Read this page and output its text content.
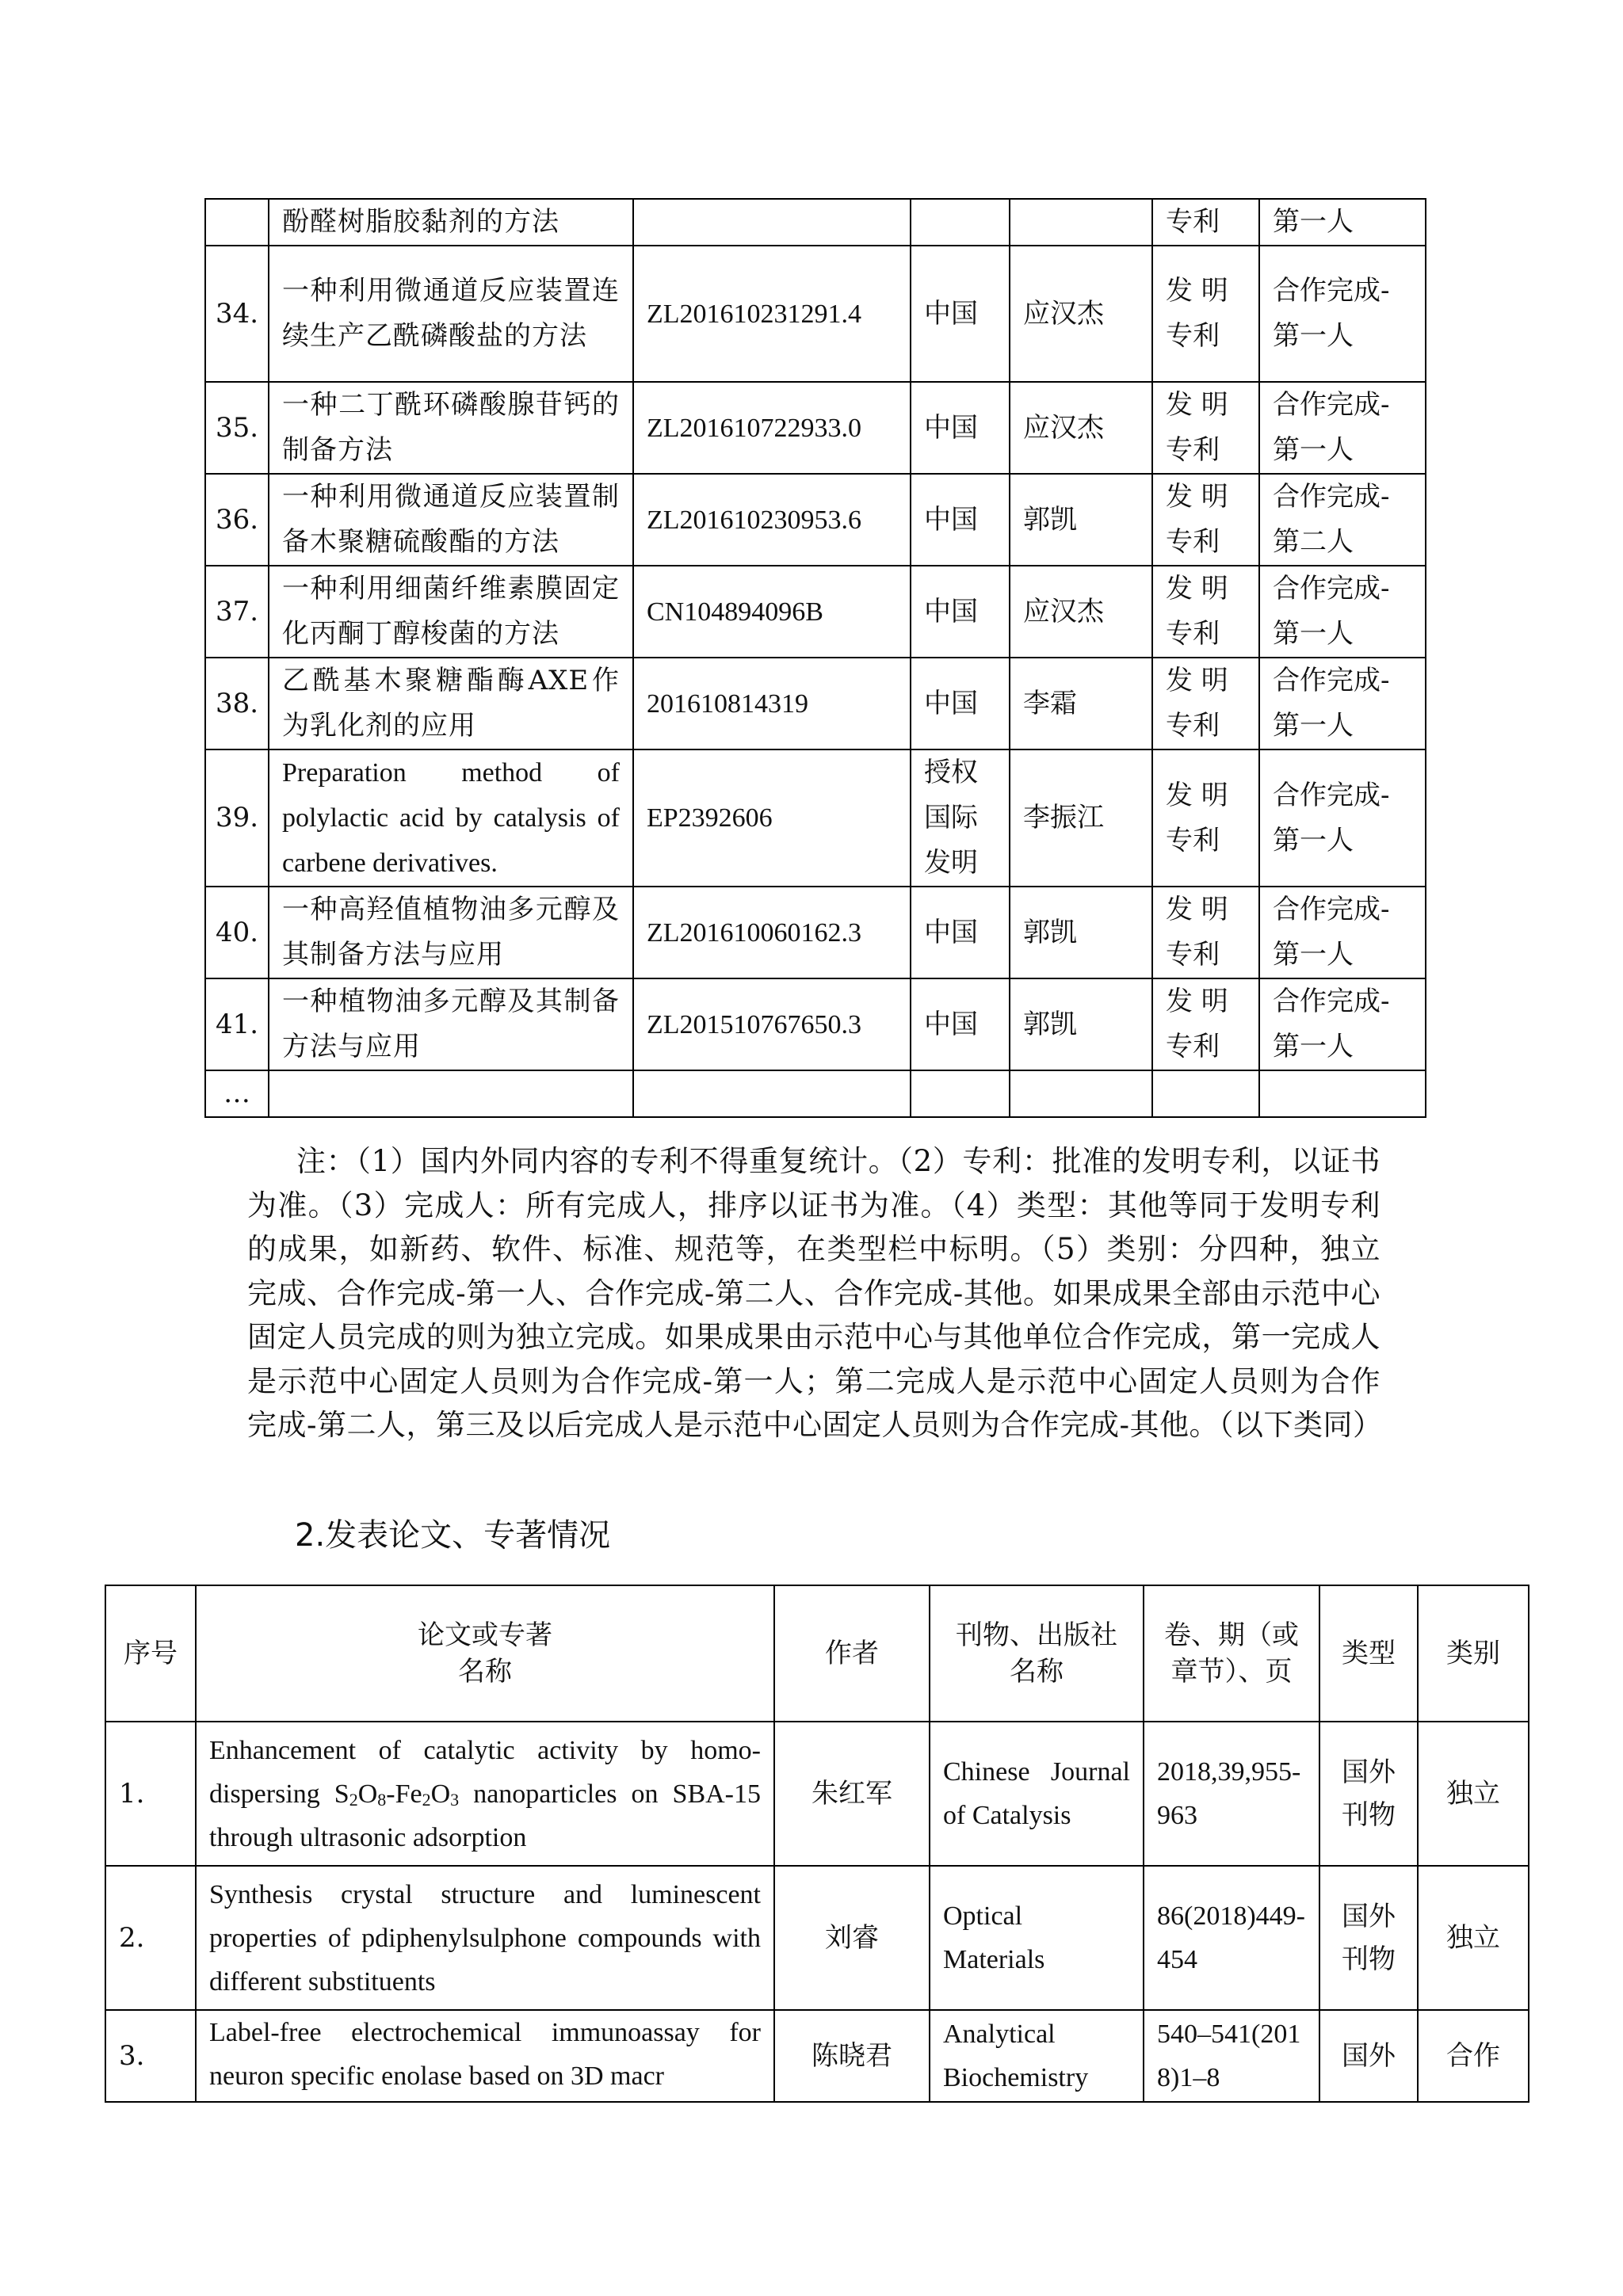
	酚醛树脂胶黏剂的方法				专利	第一人
34.	一种利用微通道反应装置连续生产乙酰磷酸盐的方法	ZL201610231291.4	中国	应汉杰	发 明 专利	合作完成-第一人
35.	一种二丁酰环磷酸腺苷钙的制备方法	ZL201610722933.0	中国	应汉杰	发 明 专利	合作完成-第一人
36.	一种利用微通道反应装置制备木聚糖硫酸酯的方法	ZL201610230953.6	中国	郭凯	发 明 专利	合作完成-第二人
37.	一种利用细菌纤维素膜固定化丙酮丁醇梭菌的方法	CN104894096B	中国	应汉杰	发 明 专利	合作完成-第一人
38.	乙酰基木聚糖酯酶AXE作为乳化剂的应用	201610814319	中国	李霜	发 明 专利	合作完成-第一人
39.	Preparation method of polylactic acid by catalysis of carbene derivatives.	EP2392606	授权国际发明	李振江	发 明 专利	合作完成-第一人
40.	一种高羟值植物油多元醇及其制备方法与应用	ZL201610060162.3	中国	郭凯	发 明 专利	合作完成-第一人
41.	一种植物油多元醇及其制备方法与应用	ZL201510767650.3	中国	郭凯	发 明 专利	合作完成-第一人
…						
注：（1）国内外同内容的专利不得重复统计。（2）专利：批准的发明专利，以证书为准。（3）完成人：所有完成人，排序以证书为准。（4）类型：其他等同于发明专利的成果，如新药、软件、标准、规范等，在类型栏中标明。（5）类别：分四种，独立完成、合作完成-第一人、合作完成-第二人、合作完成-其他。如果成果全部由示范中心固定人员完成的则为独立完成。如果成果由示范中心与其他单位合作完成，第一完成人是示范中心固定人员则为合作完成-第一人；第二完成人是示范中心固定人员则为合作完成-第二人，第三及以后完成人是示范中心固定人员则为合作完成-其他。（以下类同）
2.发表论文、专著情况
序号	论文或专著名称	作者	刊物、出版社名称	卷、期（或章节）、页	类型	类别
1.	Enhancement of catalytic activity by homo-dispersing $S_2O_8-Fe_2O_3$ nanoparticles on SBA-15 through ultrasonic adsorption	朱红军	Chinese Journal of Catalysis	2018,39,955-963	国外刊物	独立
2.	Synthesis crystal structure and luminescent properties of pdiphenylsulphone compounds with different substituents	刘睿	Optical Materials	86(2018)449-454	国外刊物	独立
3.	Label-free electrochemical immunoassay for neuron specific enolase based on 3D macr	陈晓君	Analytical Biochemistry	540–541(2018)1–8	国外	合作
